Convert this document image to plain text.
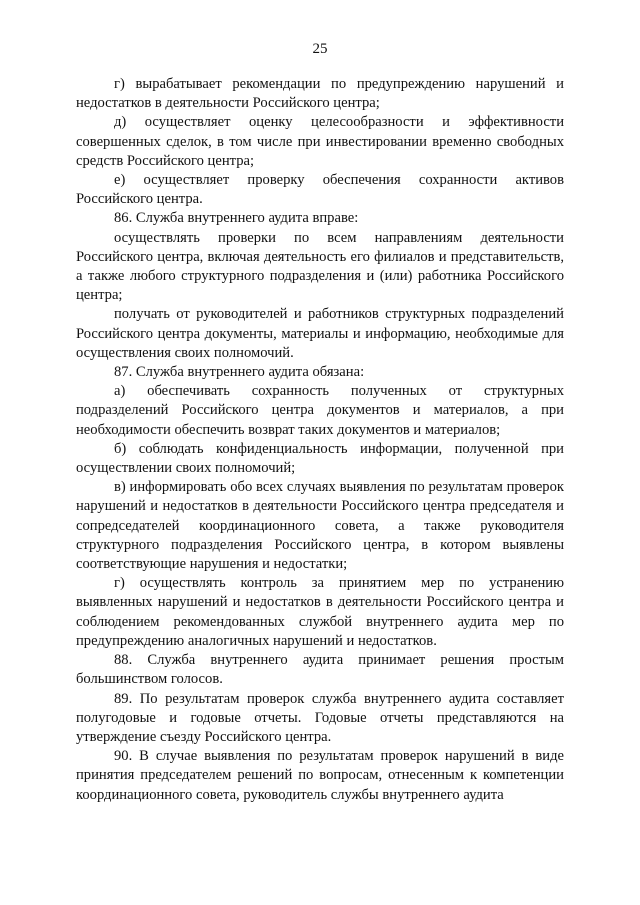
25

г) вырабатывает рекомендации по предупреждению нарушений и недостатков в деятельности Российского центра;

д) осуществляет оценку целесообразности и эффективности совершенных сделок, в том числе при инвестировании временно свободных средств Российского центра;

е) осуществляет проверку обеспечения сохранности активов Российского центра.

86. Служба внутреннего аудита вправе:

осуществлять проверки по всем направлениям деятельности Российского центра, включая деятельность его филиалов и представительств, а также любого структурного подразделения и (или) работника Российского центра;

получать от руководителей и работников структурных подразделений Российского центра документы, материалы и информацию, необходимые для осуществления своих полномочий.

87. Служба внутреннего аудита обязана:

а) обеспечивать сохранность полученных от структурных подразделений Российского центра документов и материалов, а при необходимости обеспечить возврат таких документов и материалов;

б) соблюдать конфиденциальность информации, полученной при осуществлении своих полномочий;

в) информировать обо всех случаях выявления по результатам проверок нарушений и недостатков в деятельности Российского центра председателя и сопредседателей координационного совета, а также руководителя структурного подразделения Российского центра, в котором выявлены соответствующие нарушения и недостатки;

г) осуществлять контроль за принятием мер по устранению выявленных нарушений и недостатков в деятельности Российского центра и соблюдением рекомендованных службой внутреннего аудита мер по предупреждению аналогичных нарушений и недостатков.

88. Служба внутреннего аудита принимает решения простым большинством голосов.

89. По результатам проверок служба внутреннего аудита составляет полугодовые и годовые отчеты. Годовые отчеты представляются на утверждение съезду Российского центра.

90. В случае выявления по результатам проверок нарушений в виде принятия председателем решений по вопросам, отнесенным к компетенции координационного совета, руководитель службы внутреннего аудита
